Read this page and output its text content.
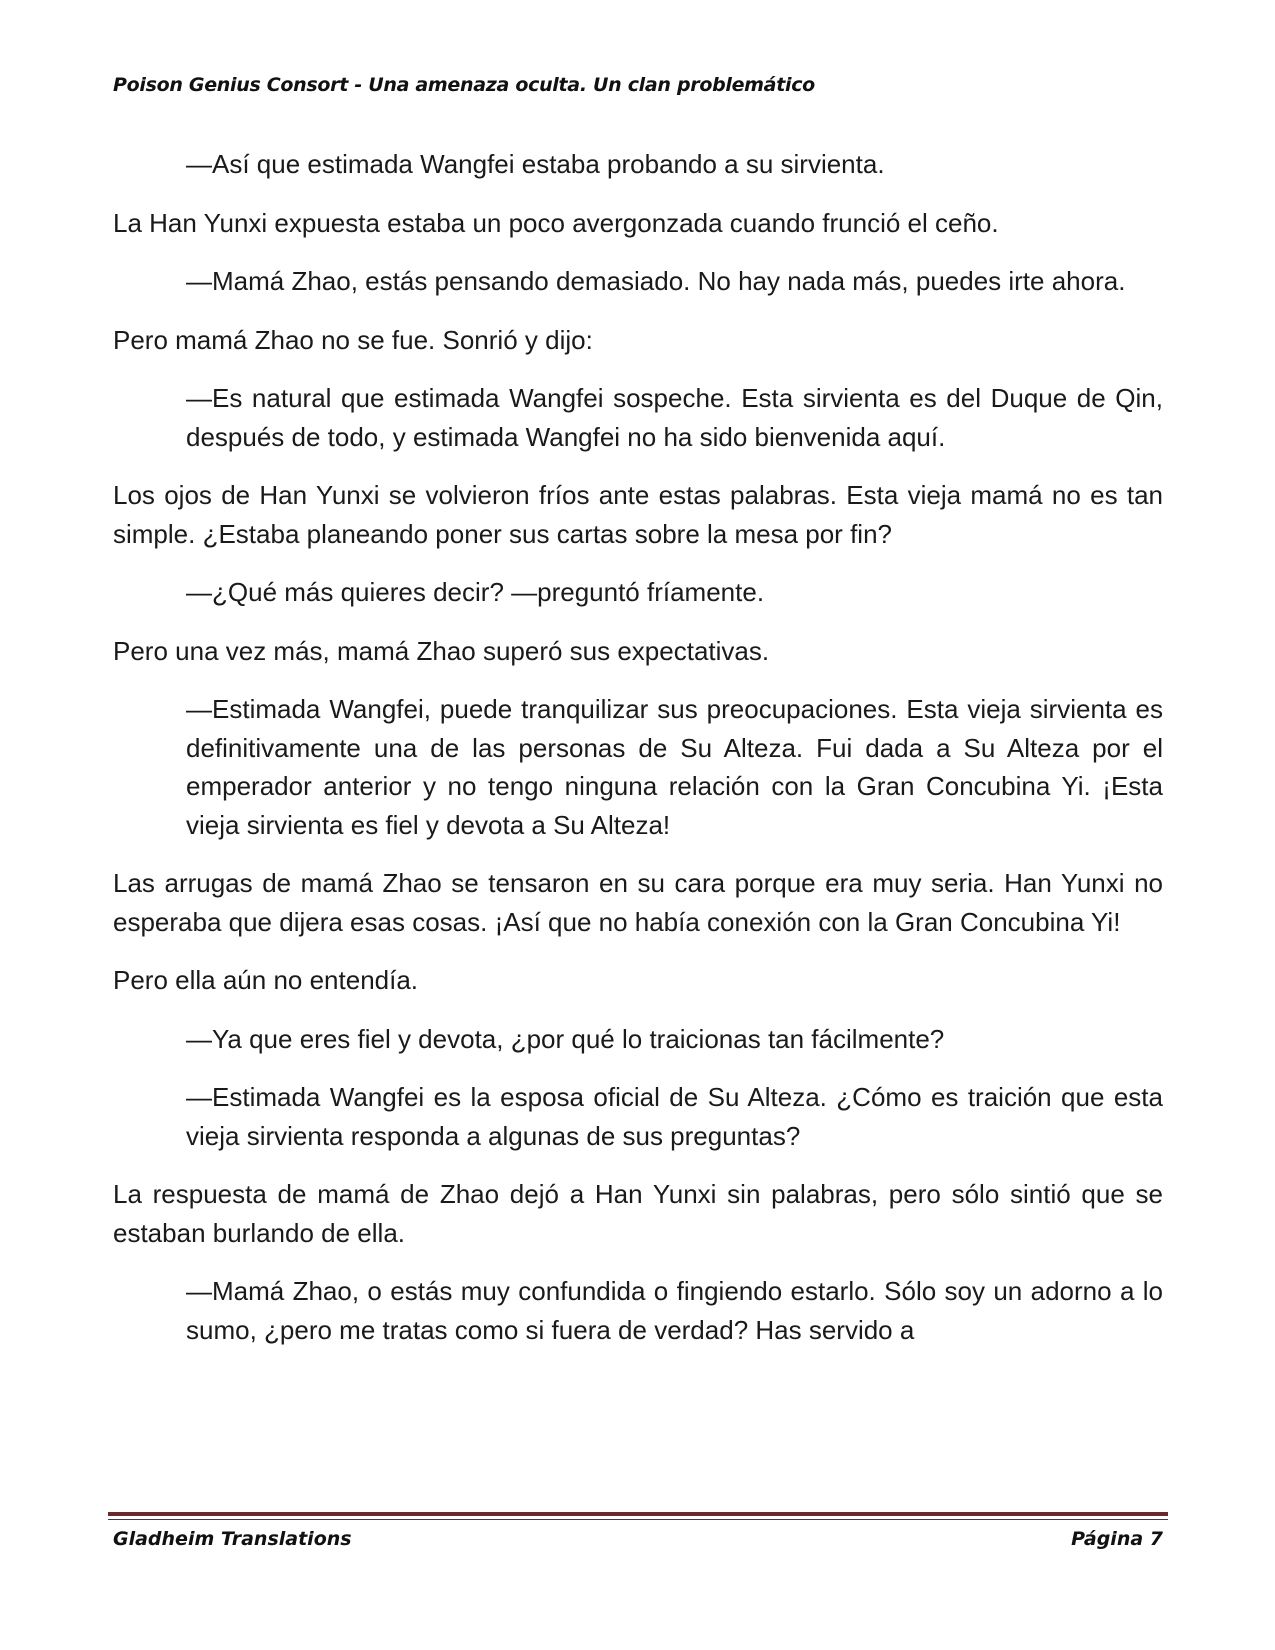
Poison Genius Consort - Una amenaza oculta. Un clan problemático

—Así que estimada Wangfei estaba probando a su sirvienta.

La Han Yunxi expuesta estaba un poco avergonzada cuando frunció el ceño.

—Mamá Zhao, estás pensando demasiado. No hay nada más, puedes irte ahora.

Pero mamá Zhao no se fue. Sonrió y dijo:

—Es natural que estimada Wangfei sospeche. Esta sirvienta es del Duque de Qin, después de todo, y estimada Wangfei no ha sido bienvenida aquí.

Los ojos de Han Yunxi se volvieron fríos ante estas palabras. Esta vieja mamá no es tan simple. ¿Estaba planeando poner sus cartas sobre la mesa por fin?

—¿Qué más quieres decir? —preguntó fríamente.

Pero una vez más, mamá Zhao superó sus expectativas.

—Estimada Wangfei, puede tranquilizar sus preocupaciones. Esta vieja sirvienta es definitivamente una de las personas de Su Alteza. Fui dada a Su Alteza por el emperador anterior y no tengo ninguna relación con la Gran Concubina Yi. ¡Esta vieja sirvienta es fiel y devota a Su Alteza!

Las arrugas de mamá Zhao se tensaron en su cara porque era muy seria. Han Yunxi no esperaba que dijera esas cosas. ¡Así que no había conexión con la Gran Concubina Yi!

Pero ella aún no entendía.

—Ya que eres fiel y devota, ¿por qué lo traicionas tan fácilmente?

—Estimada Wangfei es la esposa oficial de Su Alteza. ¿Cómo es traición que esta vieja sirvienta responda a algunas de sus preguntas?

La respuesta de mamá de Zhao dejó a Han Yunxi sin palabras, pero sólo sintió que se estaban burlando de ella.

—Mamá Zhao, o estás muy confundida o fingiendo estarlo. Sólo soy un adorno a lo sumo, ¿pero me tratas como si fuera de verdad? Has servido a

Gladheim Translations	Página 7
